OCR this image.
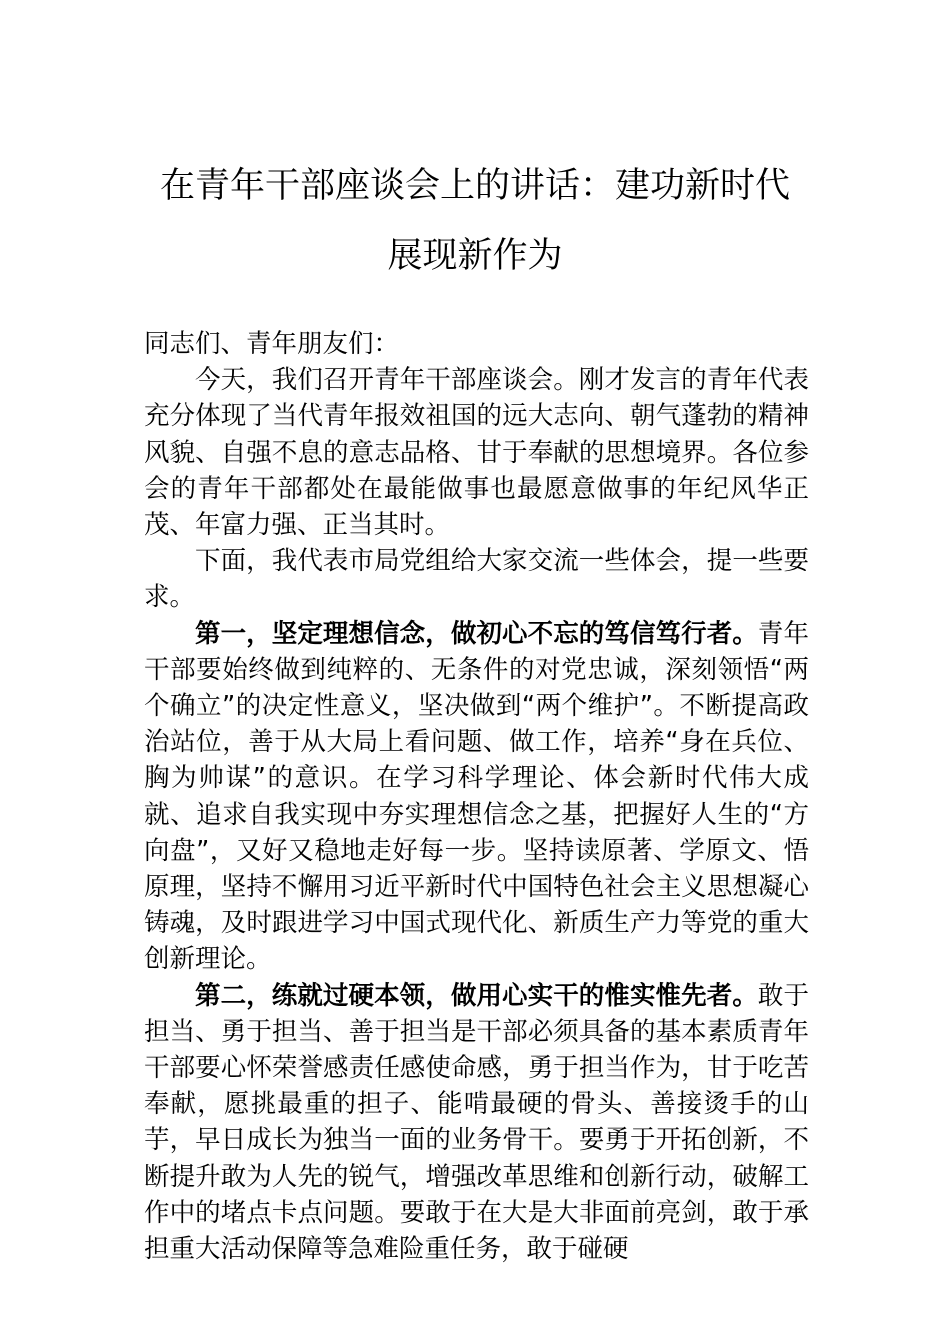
在青年干部座谈会上的讲话：建功新时代
展现新作为

同志们、青年朋友们：

今天，我们召开青年干部座谈会。刚才发言的青年代表充分体现了当代青年报效祖国的远大志向、朝气蓬勃的精神风貌、自强不息的意志品格、甘于奉献的思想境界。各位参会的青年干部都处在最能做事也最愿意做事的年纪风华正茂、年富力强、正当其时。

下面，我代表市局党组给大家交流一些体会，提一些要求。

第一，坚定理想信念，做初心不忘的笃信笃行者。青年干部要始终做到纯粹的、无条件的对党忠诚，深刻领悟“两个确立”的决定性意义，坚决做到“两个维护”。不断提高政治站位，善于从大局上看问题、做工作，培养“身在兵位、胸为帅谋”的意识。在学习科学理论、体会新时代伟大成就、追求自我实现中夯实理想信念之基，把握好人生的“方向盘”，又好又稳地走好每一步。坚持读原著、学原文、悟原理，坚持不懈用习近平新时代中国特色社会主义思想凝心铸魂，及时跟进学习中国式现代化、新质生产力等党的重大创新理论。

第二，练就过硬本领，做用心实干的惟实惟先者。敢于担当、勇于担当、善于担当是干部必须具备的基本素质青年干部要心怀荣誉感责任感使命感，勇于担当作为，甘于吃苦奉献，愿挑最重的担子、能啃最硬的骨头、善接烫手的山芋，早日成长为独当一面的业务骨干。要勇于开拓创新，不断提升敢为人先的锐气，增强改革思维和创新行动，破解工作中的堵点卡点问题。要敢于在大是大非面前亮剑，敢于承担重大活动保障等急难险重任务，敢于碰硬
